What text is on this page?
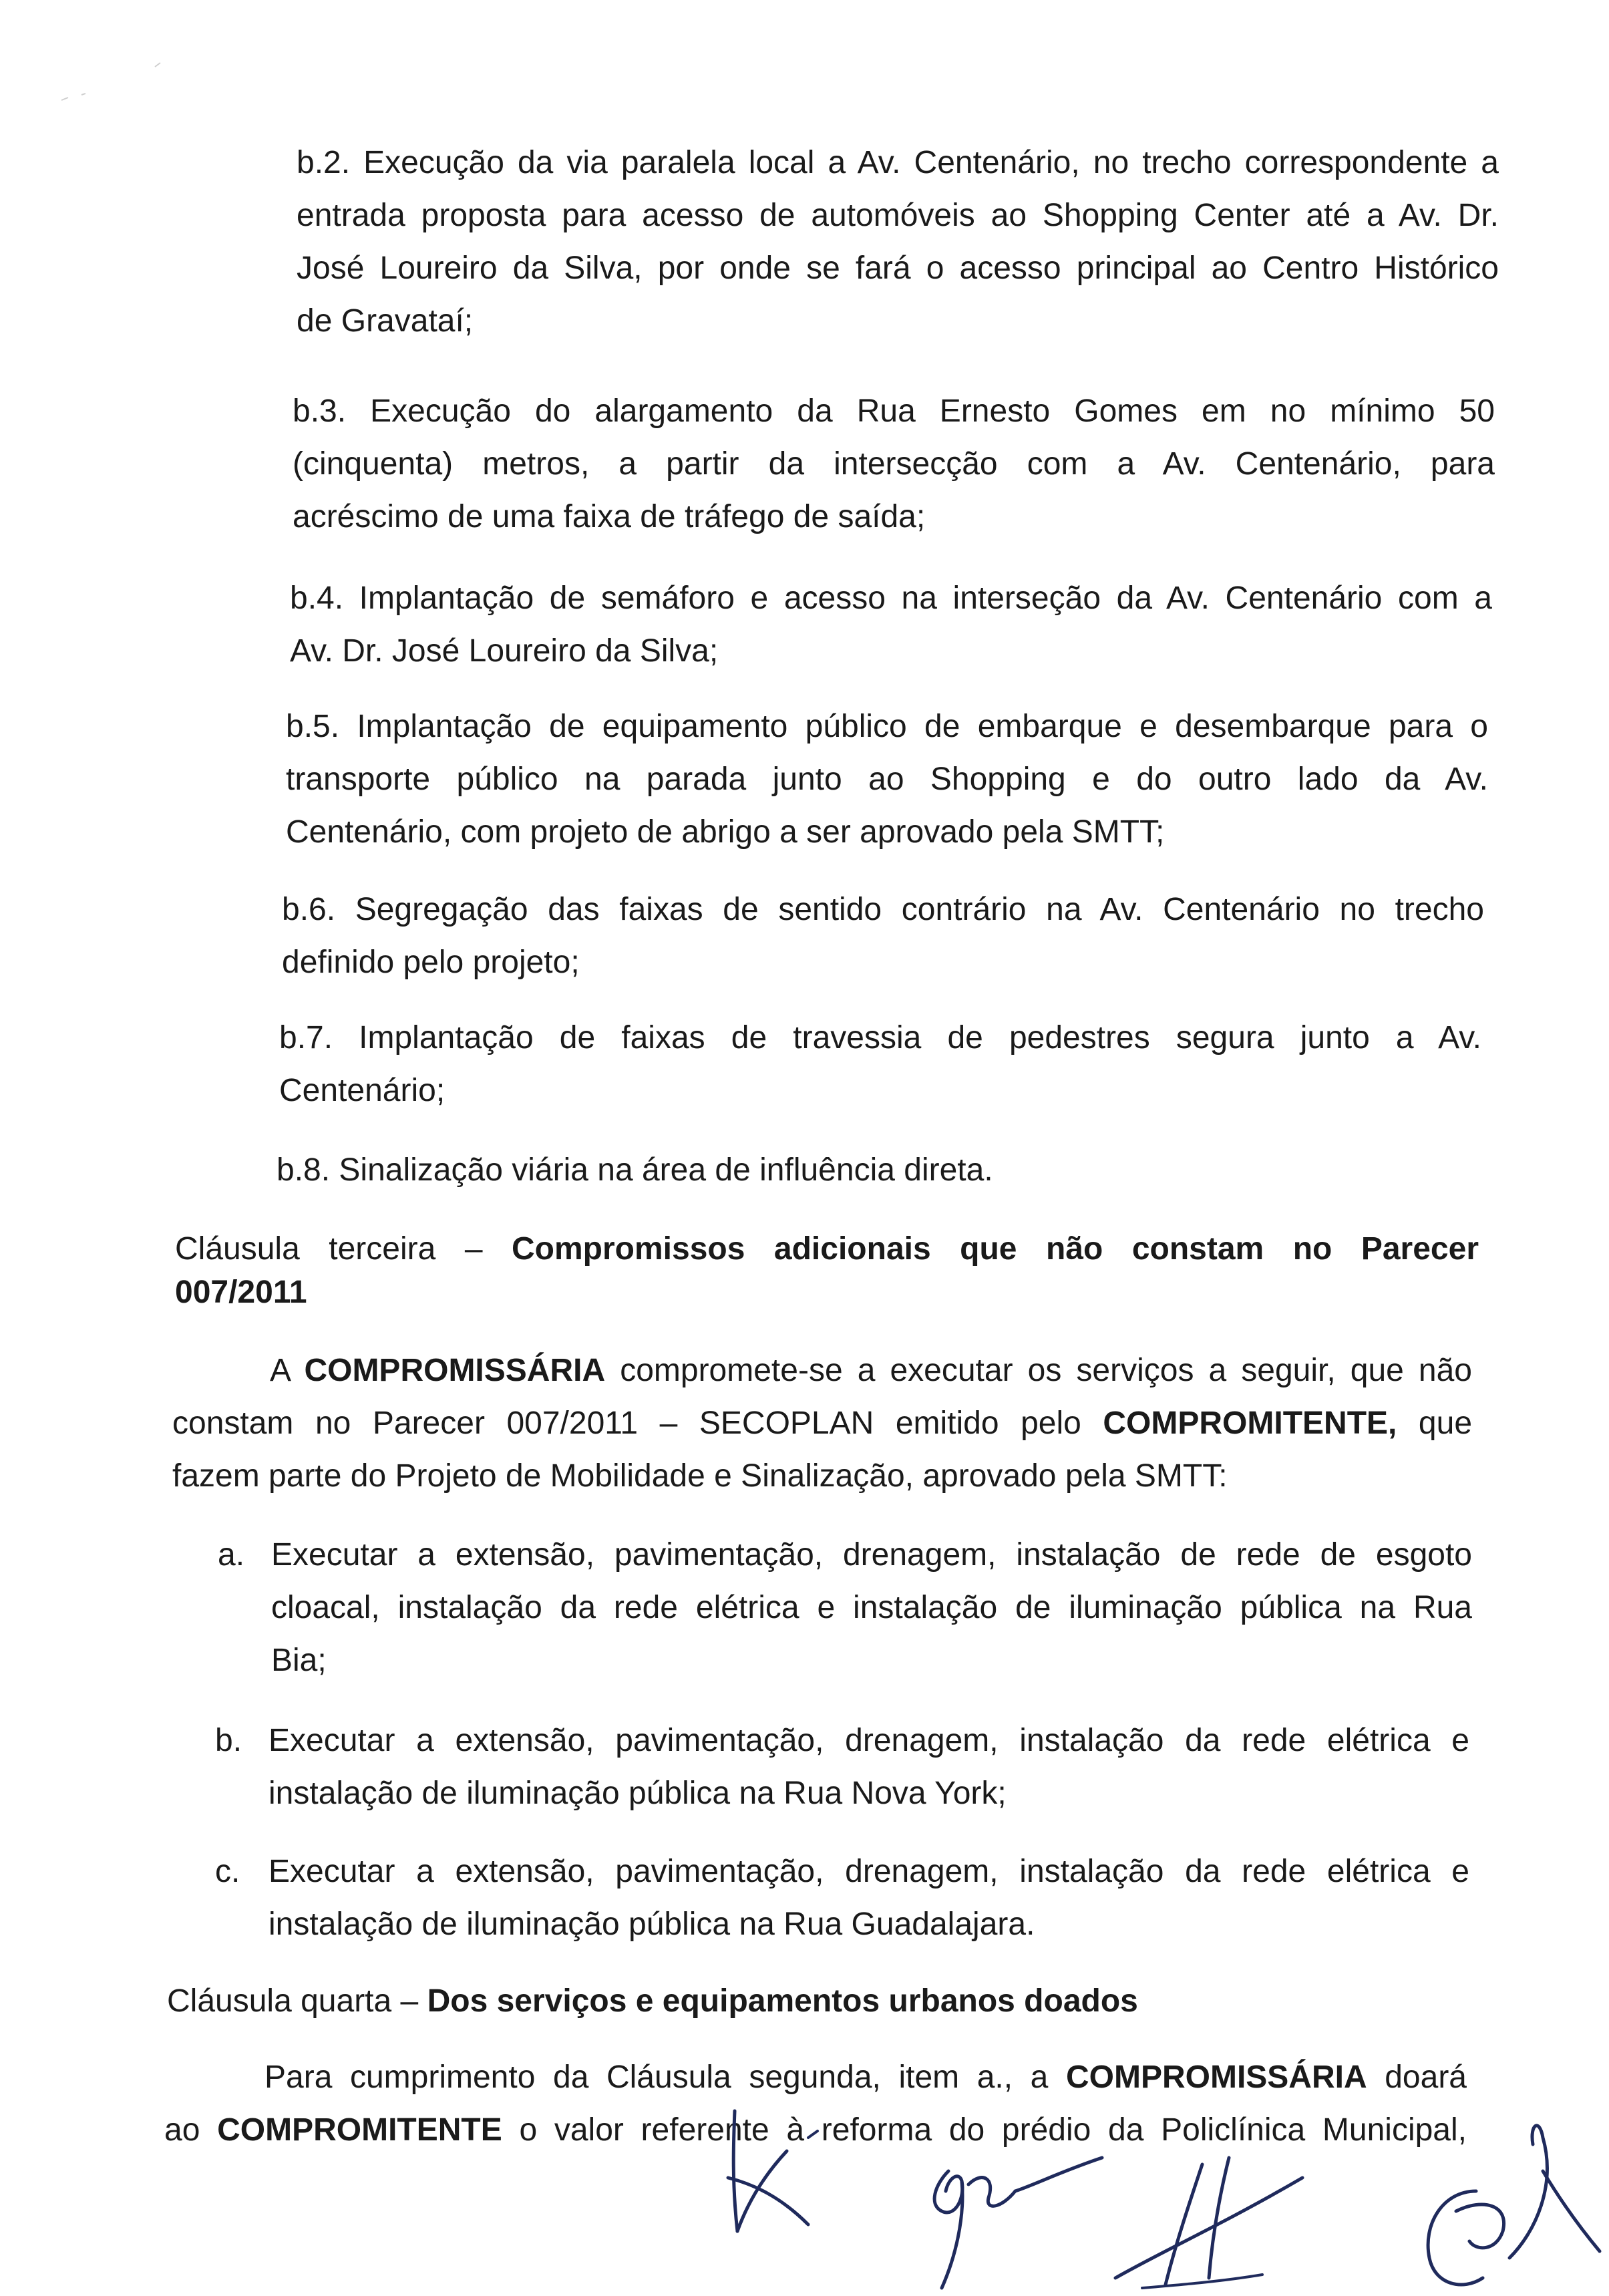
b.2. Execução da via paralela local a Av. Centenário, no trecho correspondente a
entrada proposta para acesso de automóveis ao Shopping Center até a Av. Dr.
José Loureiro da Silva, por onde se fará o acesso principal ao Centro Histórico
de Gravataí;
b.3. Execução do alargamento da Rua Ernesto Gomes em no mínimo 50
(cinquenta) metros, a partir da intersecção com a Av. Centenário, para
acréscimo de uma faixa de tráfego de saída;
b.4. Implantação de semáforo e acesso na interseção da Av. Centenário com a
Av. Dr. José Loureiro da Silva;
b.5. Implantação de equipamento público de embarque e desembarque para o
transporte público na parada junto ao Shopping e do outro lado da Av.
Centenário, com projeto de abrigo a ser aprovado pela SMTT;
b.6. Segregação das faixas de sentido contrário na Av. Centenário no trecho
definido pelo projeto;
b.7. Implantação de faixas de travessia de pedestres segura junto a Av.
Centenário;
b.8. Sinalização viária na área de influência direta.
Cláusula terceira – Compromissos adicionais que não constam no Parecer
007/2011
A COMPROMISSÁRIA compromete-se a executar os serviços a seguir, que não
constam no Parecer 007/2011 – SECOPLAN emitido pelo COMPROMITENTE, que
fazem parte do Projeto de Mobilidade e Sinalização, aprovado pela SMTT:
a. Executar a extensão, pavimentação, drenagem, instalação de rede de esgoto
cloacal, instalação da rede elétrica e instalação de iluminação pública na Rua
Bia;
b. Executar a extensão, pavimentação, drenagem, instalação da rede elétrica e
instalação de iluminação pública na Rua Nova York;
c. Executar a extensão, pavimentação, drenagem, instalação da rede elétrica e
instalação de iluminação pública na Rua Guadalajara.
Cláusula quarta – Dos serviços e equipamentos urbanos doados
Para cumprimento da Cláusula segunda, item a., a COMPROMISSÁRIA doará
ao COMPROMITENTE o valor referente à reforma do prédio da Policlínica Municipal,
